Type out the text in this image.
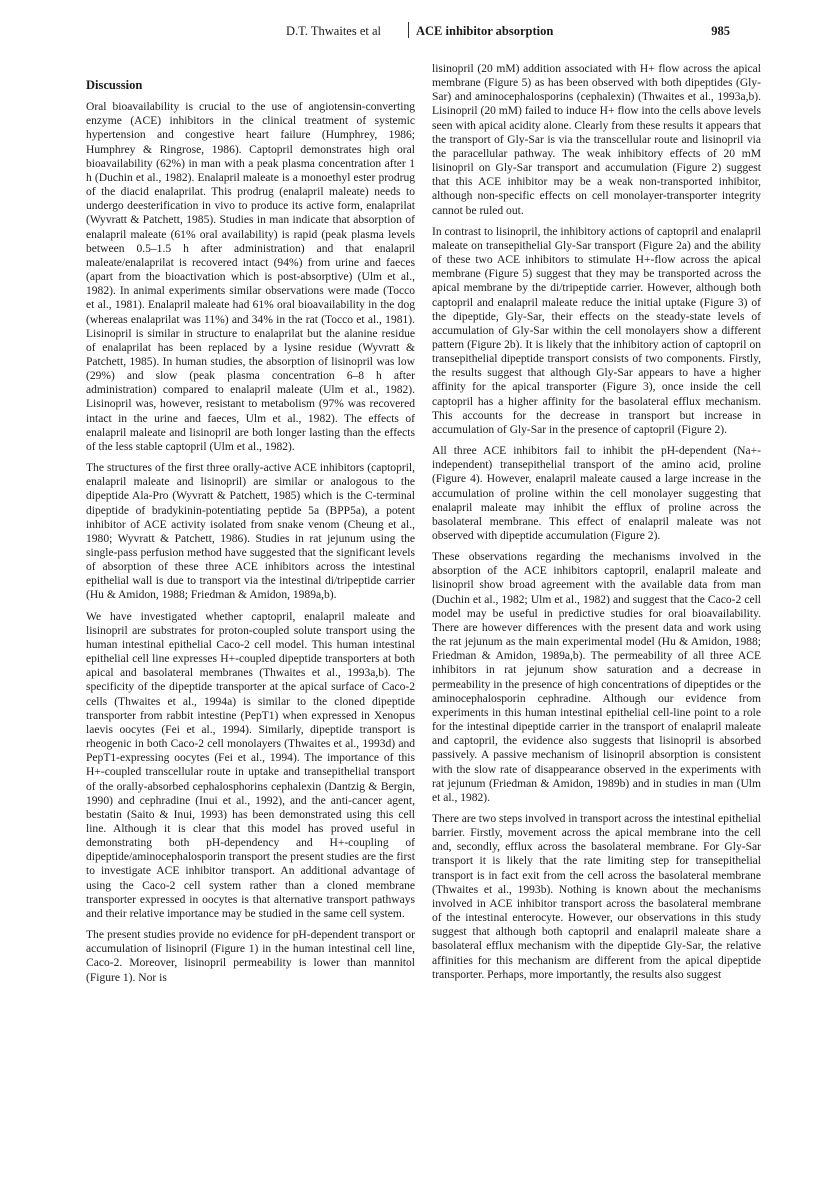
D.T. Thwaites et al	ACE inhibitor absorption	985
Discussion

Oral bioavailability is crucial to the use of angiotensin-converting enzyme (ACE) inhibitors in the clinical treatment of systemic hypertension and congestive heart failure (Humphrey, 1986; Humphrey & Ringrose, 1986). Captopril demonstrates high oral bioavailability (62%) in man with a peak plasma concentration after 1 h (Duchin et al., 1982). Enalapril maleate is a monoethyl ester prodrug of the diacid enalaprilat. This prodrug (enalapril maleate) needs to undergo deesterification in vivo to produce its active form, enalaprilat (Wyvratt & Patchett, 1985). Studies in man indicate that absorption of enalapril maleate (61% oral availability) is rapid (peak plasma levels between 0.5–1.5 h after administration) and that enalapril maleate/enalaprilat is recovered intact (94%) from urine and faeces (apart from the bioactivation which is post-absorptive) (Ulm et al., 1982). In animal experiments similar observations were made (Tocco et al., 1981). Enalapril maleate had 61% oral bioavailability in the dog (whereas enalaprilat was 11%) and 34% in the rat (Tocco et al., 1981). Lisinopril is similar in structure to enalaprilat but the alanine residue of enalaprilat has been replaced by a lysine residue (Wyvratt & Patchett, 1985). In human studies, the absorption of lisinopril was low (29%) and slow (peak plasma concentration 6–8 h after administration) compared to enalapril maleate (Ulm et al., 1982). Lisinopril was, however, resistant to metabolism (97% was recovered intact in the urine and faeces, Ulm et al., 1982). The effects of enalapril maleate and lisinopril are both longer lasting than the effects of the less stable captopril (Ulm et al., 1982).

The structures of the first three orally-active ACE inhibitors (captopril, enalapril maleate and lisinopril) are similar or analogous to the dipeptide Ala-Pro (Wyvratt & Patchett, 1985) which is the C-terminal dipeptide of bradykinin-potentiating peptide 5a (BPP5a), a potent inhibitor of ACE activity isolated from snake venom (Cheung et al., 1980; Wyvratt & Patchett, 1986). Studies in rat jejunum using the single-pass perfusion method have suggested that the significant levels of absorption of these three ACE inhibitors across the intestinal epithelial wall is due to transport via the intestinal di/tripeptide carrier (Hu & Amidon, 1988; Friedman & Amidon, 1989a,b).

We have investigated whether captopril, enalapril maleate and lisinopril are substrates for proton-coupled solute transport using the human intestinal epithelial Caco-2 cell model. This human intestinal epithelial cell line expresses H+-coupled dipeptide transporters at both apical and basolateral membranes (Thwaites et al., 1993a,b). The specificity of the dipeptide transporter at the apical surface of Caco-2 cells (Thwaites et al., 1994a) is similar to the cloned dipeptide transporter from rabbit intestine (PepT1) when expressed in Xenopus laevis oocytes (Fei et al., 1994). Similarly, dipeptide transport is rheogenic in both Caco-2 cell monolayers (Thwaites et al., 1993d) and PepT1-expressing oocytes (Fei et al., 1994). The importance of this H+-coupled transcellular route in uptake and transepithelial transport of the orally-absorbed cephalosphorins cephalexin (Dantzig & Bergin, 1990) and cephradine (Inui et al., 1992), and the anti-cancer agent, bestatin (Saito & Inui, 1993) has been demonstrated using this cell line. Although it is clear that this model has proved useful in demonstrating both pH-dependency and H+-coupling of dipeptide/aminocephalosporin transport the present studies are the first to investigate ACE inhibitor transport. An additional advantage of using the Caco-2 cell system rather than a cloned membrane transporter expressed in oocytes is that alternative transport pathways and their relative importance may be studied in the same cell system.

The present studies provide no evidence for pH-dependent transport or accumulation of lisinopril (Figure 1) in the human intestinal cell line, Caco-2. Moreover, lisinopril permeability is lower than mannitol (Figure 1). Nor is

lisinopril (20 mM) addition associated with H+ flow across the apical membrane (Figure 5) as has been observed with both dipeptides (Gly-Sar) and aminocephalosporins (cephalexin) (Thwaites et al., 1993a,b). Lisinopril (20 mM) failed to induce H+ flow into the cells above levels seen with apical acidity alone. Clearly from these results it appears that the transport of Gly-Sar is via the transcellular route and lisinopril via the paracellular pathway. The weak inhibitory effects of 20 mM lisinopril on Gly-Sar transport and accumulation (Figure 2) suggest that this ACE inhibitor may be a weak non-transported inhibitor, although non-specific effects on cell monolayer-transporter integrity cannot be ruled out.

In contrast to lisinopril, the inhibitory actions of captopril and enalapril maleate on transepithelial Gly-Sar transport (Figure 2a) and the ability of these two ACE inhibitors to stimulate H+-flow across the apical membrane (Figure 5) suggest that they may be transported across the apical membrane by the di/tripeptide carrier. However, although both captopril and enalapril maleate reduce the initial uptake (Figure 3) of the dipeptide, Gly-Sar, their effects on the steady-state levels of accumulation of Gly-Sar within the cell monolayers show a different pattern (Figure 2b). It is likely that the inhibitory action of captopril on transepithelial dipeptide transport consists of two components. Firstly, the results suggest that although Gly-Sar appears to have a higher affinity for the apical transporter (Figure 3), once inside the cell captopril has a higher affinity for the basolateral efflux mechanism. This accounts for the decrease in transport but increase in accumulation of Gly-Sar in the presence of captopril (Figure 2).

All three ACE inhibitors fail to inhibit the pH-dependent (Na+-independent) transepithelial transport of the amino acid, proline (Figure 4). However, enalapril maleate caused a large increase in the accumulation of proline within the cell monolayer suggesting that enalapril maleate may inhibit the efflux of proline across the basolateral membrane. This effect of enalapril maleate was not observed with dipeptide accumulation (Figure 2).

These observations regarding the mechanisms involved in the absorption of the ACE inhibitors captopril, enalapril maleate and lisinopril show broad agreement with the available data from man (Duchin et al., 1982; Ulm et al., 1982) and suggest that the Caco-2 cell model may be useful in predictive studies for oral bioavailability. There are however differences with the present data and work using the rat jejunum as the main experimental model (Hu & Amidon, 1988; Friedman & Amidon, 1989a,b). The permeability of all three ACE inhibitors in rat jejunum show saturation and a decrease in permeability in the presence of high concentrations of dipeptides or the aminocephalosporin cephradine. Although our evidence from experiments in this human intestinal epithelial cell-line point to a role for the intestinal dipeptide carrier in the transport of enalapril maleate and captopril, the evidence also suggests that lisinopril is absorbed passively. A passive mechanism of lisinopril absorption is consistent with the slow rate of disappearance observed in the experiments with rat jejunum (Friedman & Amidon, 1989b) and in studies in man (Ulm et al., 1982).

There are two steps involved in transport across the intestinal epithelial barrier. Firstly, movement across the apical membrane into the cell and, secondly, efflux across the basolateral membrane. For Gly-Sar transport it is likely that the rate limiting step for transepithelial transport is in fact exit from the cell across the basolateral membrane (Thwaites et al., 1993b). Nothing is known about the mechanisms involved in ACE inhibitor transport across the basolateral membrane of the intestinal enterocyte. However, our observations in this study suggest that although both captopril and enalapril maleate share a basolateral efflux mechanism with the dipeptide Gly-Sar, the relative affinities for this mechanism are different from the apical dipeptide transporter. Perhaps, more importantly, the results also suggest
